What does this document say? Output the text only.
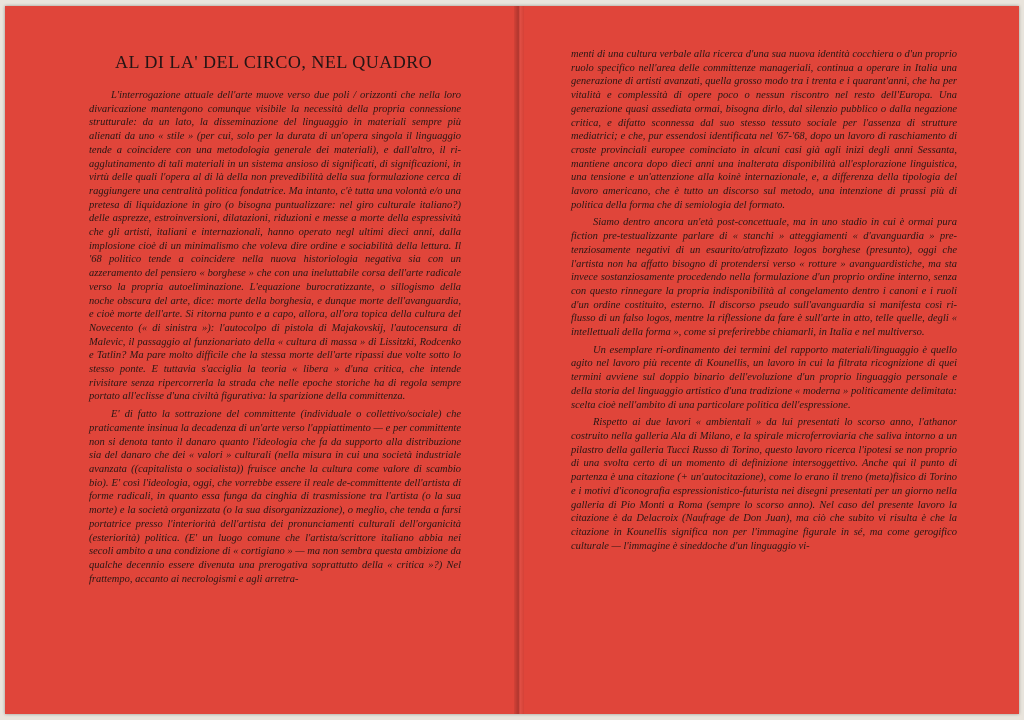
AL DI LA' DEL CIRCO, NEL QUADRO

L'interrogazione attuale dell'arte muove verso due poli / orizzonti che nella loro divaricazione mantengono comunque visibile la necessità della propria connessione strutturale: da un lato, la disseminazione del linguaggio in materiali sempre più alienati da uno « stile » (per cui, solo per la durata di un'opera singola il linguaggio tende a coincidere con una metodologia generale dei materiali), e dall'altro, il ri-agglutinamento di tali materiali in un sistema ansioso di significati, di significazioni, in virtù delle quali l'opera al di là della non prevedibilità della sua formulazione cerca di raggiungere una centralità politica fondatrice. Ma intanto, c'è tutta una volontà e/o una pretesa di liquidazione in giro (o bisogna puntualizzare: nel giro culturale italiano?) delle asprezze, estroinversioni, dilatazioni, riduzioni e messe a morte della espressività che gli artisti, italiani e internazionali, hanno operato negl ultimi dieci anni, dalla implosione cioè di un minimalismo che voleva dire ordine e sociabilità della lettura. Il '68 politico tende a coincidere nella nuova historiologia negativa sia con un azzeramento del pensiero « borghese » che con una ineluttabile corsa dell'arte radicale verso la propria autoeliminazione. L'equazione burocratizzante, o sillogismo della noche obscura del arte, dice: morte della borghesia, e dunque morte dell'avanguardia, e cioè morte dell'arte. Si ritorna punto e a capo, allora, all'ora topica della cultura del Novecento (« di sinistra »): l'autocolpo di pistola di Majakovskij, l'autocensura di Malevic, il passaggio al funzionariato della « cultura di massa » di Lissitzki, Rodcenko e Tatlin? Ma pare molto difficile che la stessa morte dell'arte ripassi due volte sotto lo stesso ponte. E tuttavia s'acciglia la teoria « libera » d'una critica, che intende rivisitare senza ripercorrerla la strada che nelle epoche storiche ha di regola sempre portato all'eclisse d'una civiltà figurativa: la sparizione della committenza.

E' di fatto la sottrazione del committente (individuale o collettivo/sociale) che praticamente insinua la decadenza di un'arte verso l'appiattimento — e per committente non si denota tanto il danaro quanto l'ideologia che fa da supporto alla distribuzione sia del danaro che dei « valori » culturali (nella misura in cui una società industriale avanzata ((capitalista o socialista)) fruisce anche la cultura come valore di scambio bio). E' così l'ideologia, oggi, che vorrebbe essere il reale de-committente dell'artista di forme radicali, in quanto essa funga da cinghia di trasmissione tra l'artista (o la sua morte) e la società organizzata (o la sua disorganizzazione), o meglio, che tenda a farsi portatrice presso l'interiorità dell'artista dei pronunciamenti culturali dell'organicità (esteriorità) politica. (E' un luogo comune che l'artista/scrittore italiano abbia nei secoli ambito a una condizione di « cortigiano » — ma non sembra questa ambizione da qualche decennio essere divenuta una prerogativa soprattutto della « critica »?) Nel frattempo, accanto ai necrologismi e agli arretra-

menti di una cultura verbale alla ricerca d'una sua nuova identità cocchiera o d'un proprio ruolo specifico nell'area delle committenze manageriali, continua a operare in Italia una generazione di artisti avanzati, quella grosso modo tra i trenta e i quarant'anni, che ha per vitalità e complessità di opere poco o nessun riscontro nel resto dell'Europa. Una generazione quasi assediata ormai, bisogna dirlo, dal silenzio pubblico o dalla negazione critica, e difatto sconnessa dal suo stesso tessuto sociale per l'assenza di strutture mediatrici; e che, pur essendosi identificata nel '67-'68, dopo un lavoro di raschiamento di croste provinciali europee cominciato in alcuni casi già agli inizi degli anni Sessanta, mantiene ancora dopo dieci anni una inalterata disponibilità all'esplorazione linguistica, una tensione e un'attenzione alla koinè internazionale, e, a differenza della tipologia del lavoro americano, che è tutto un discorso sul metodo, una intenzione di prassi più di politica della forma che di semiologia del formato.

Siamo dentro ancora un'età post-concettuale, ma in uno stadio in cui è ormai pura fiction pre-testualizzante parlare di « stanchi » atteggiamenti « d'avanguardia » pre-tenziosamente negativi di un esaurito/atrofizzato logos borghese (presunto), oggi che l'artista non ha affatto bisogno di protendersi verso « rotture » avanguardistiche, ma sta invece sostanziosamente procedendo nella formulazione d'un proprio ordine interno, senza con questo rinnegare la propria indisponibilità al congelamento dentro i canoni e i ruoli d'un ordine costituito, esterno. Il discorso pseudo sull'avanguardia si manifesta così ri-flusso di un falso logos, mentre la riflessione da fare è sull'arte in atto, telle quelle, degli « intellettuali della forma », come si preferirebbe chiamarli, in Italia e nel multiverso.

Un esemplare ri-ordinamento dei termini del rapporto materiali/linguaggio è quello agito nel lavoro più recente di Kounellis, un lavoro in cui la filtrata ricognizione di quei termini avviene sul doppio binario dell'evoluzione d'un proprio linguaggio personale e della storia del linguaggio artistico d'una tradizione « moderna » politicamente delimitata: scelta cioè nell'ambito di una particolare politica dell'espressione.

Rispetto ai due lavori « ambientali » da lui presentati lo scorso anno, l'athanor costruito nella galleria Ala di Milano, e la spirale microferroviaria che saliva intorno a un pilastro della galleria Tucci Russo di Torino, questo lavoro ricerca l'ipotesi se non proprio di una svolta certo di un momento di definizione intersoggettivo. Anche qui il punto di partenza è una citazione (+ un'autocitazione), come lo erano il treno (meta)fisico di Torino e i motivi d'iconografia espressionistico-futurista nei disegni presentati per un giorno nella galleria di Pio Monti a Roma (sempre lo scorso anno). Nel caso del presente lavoro la citazione è da Delacroix (Naufrage de Don Juan), ma ciò che subito vi risulta è che la citazione in Kounellis significa non per l'immagine figurale in sé, ma come gerogifico culturale — l'immagine è sineddoche d'un linguaggio vi-
